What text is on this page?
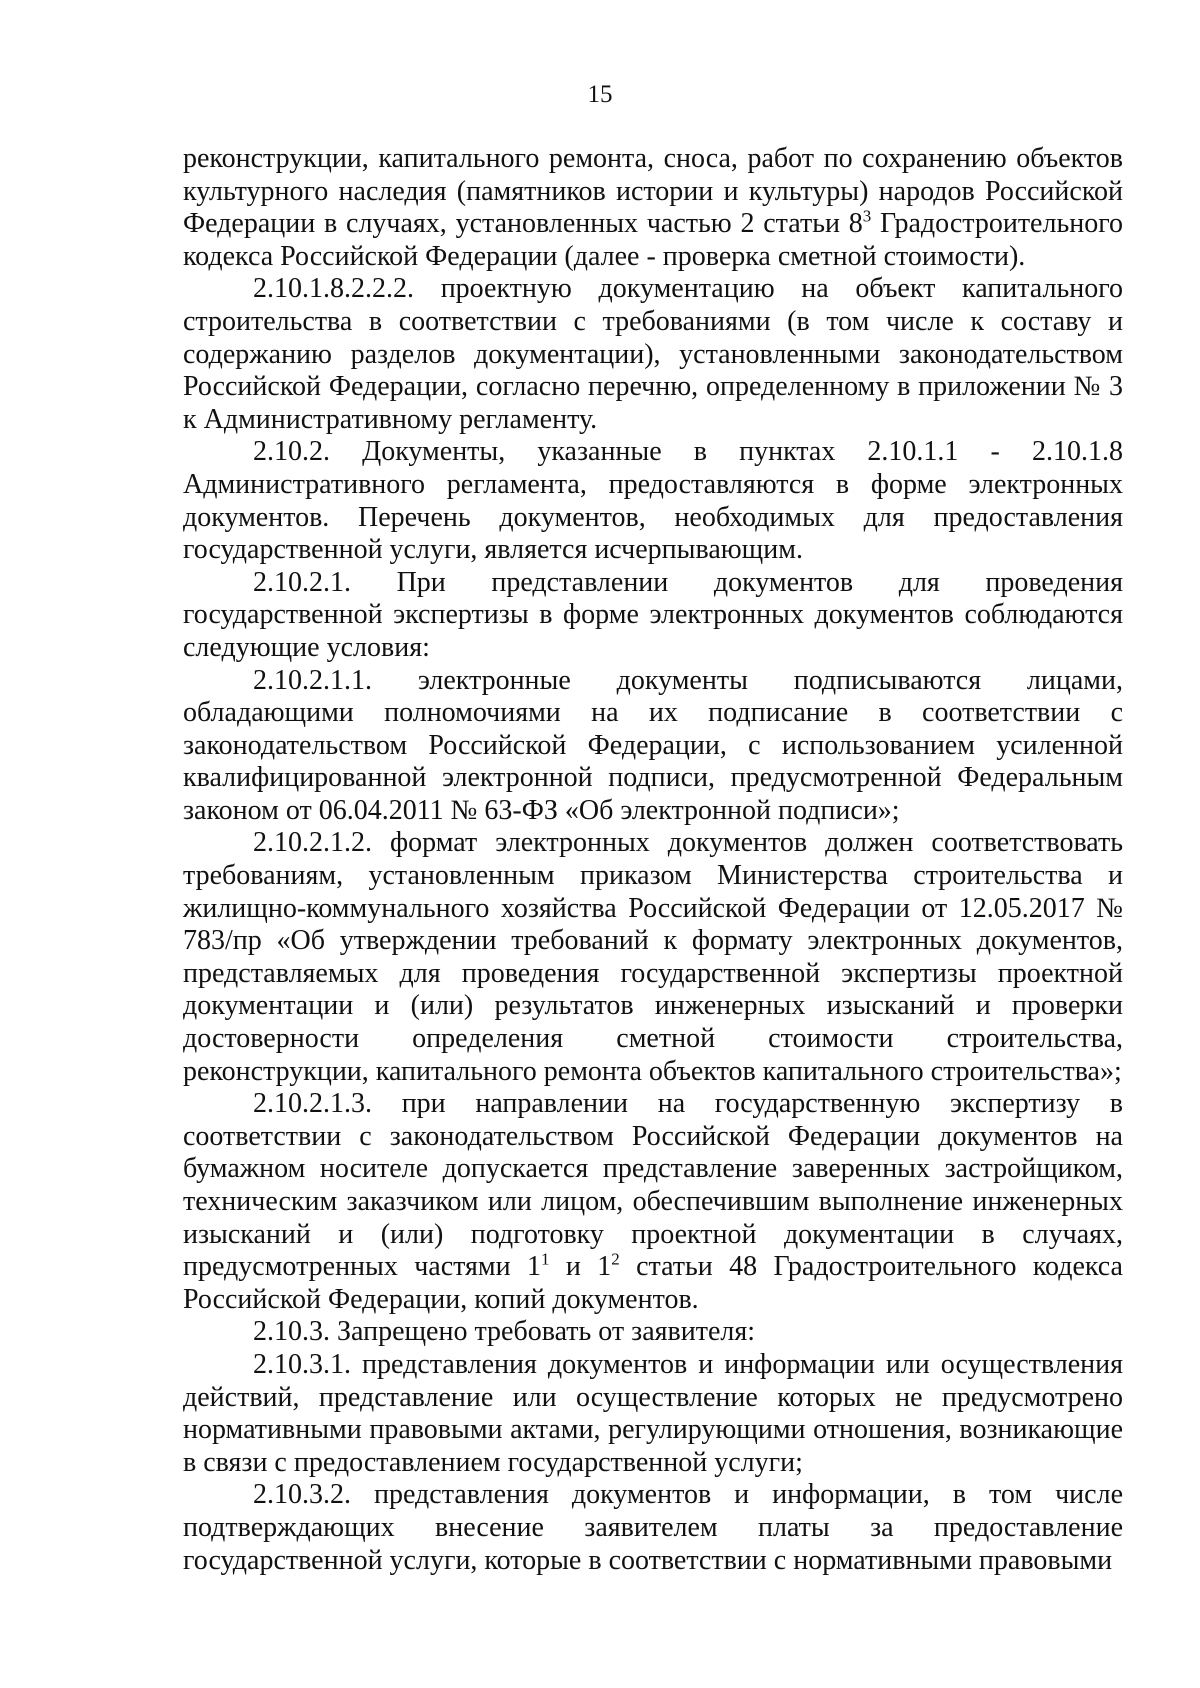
15

реконструкции, капитального ремонта, сноса, работ по сохранению объектов культурного наследия (памятников истории и культуры) народов Российской Федерации в случаях, установленных частью 2 статьи $8^3$ Градостроительного кодекса Российской Федерации (далее - проверка сметной стоимости).

2.10.1.8.2.2.2. проектную документацию на объект капитального строительства в соответствии с требованиями (в том числе к составу и содержанию разделов документации), установленными законодательством Российской Федерации, согласно перечню, определенному в приложении № 3 к Административному регламенту.

2.10.2. Документы, указанные в пунктах 2.10.1.1 - 2.10.1.8 Административного регламента, предоставляются в форме электронных документов. Перечень документов, необходимых для предоставления государственной услуги, является исчерпывающим.

2.10.2.1. При представлении документов для проведения государственной экспертизы в форме электронных документов соблюдаются следующие условия:

2.10.2.1.1. электронные документы подписываются лицами, обладающими полномочиями на их подписание в соответствии с законодательством Российской Федерации, с использованием усиленной квалифицированной электронной подписи, предусмотренной Федеральным законом от 06.04.2011 № 63-ФЗ «Об электронной подписи»;

2.10.2.1.2. формат электронных документов должен соответствовать требованиям, установленным приказом Министерства строительства и жилищно-коммунального хозяйства Российской Федерации от 12.05.2017 № 783/пр «Об утверждении требований к формату электронных документов, представляемых для проведения государственной экспертизы проектной документации и (или) результатов инженерных изысканий и проверки достоверности определения сметной стоимости строительства, реконструкции, капитального ремонта объектов капитального строительства»;

2.10.2.1.3. при направлении на государственную экспертизу в соответствии с законодательством Российской Федерации документов на бумажном носителе допускается представление заверенных застройщиком, техническим заказчиком или лицом, обеспечившим выполнение инженерных изысканий и (или) подготовку проектной документации в случаях, предусмотренных частями $1^1$ и $1^2$ статьи 48 Градостроительного кодекса Российской Федерации, копий документов.

2.10.3. Запрещено требовать от заявителя:

2.10.3.1. представления документов и информации или осуществления действий, представление или осуществление которых не предусмотрено нормативными правовыми актами, регулирующими отношения, возникающие в связи с предоставлением государственной услуги;

2.10.3.2. представления документов и информации, в том числе подтверждающих внесение заявителем платы за предоставление государственной услуги, которые в соответствии с нормативными правовыми
